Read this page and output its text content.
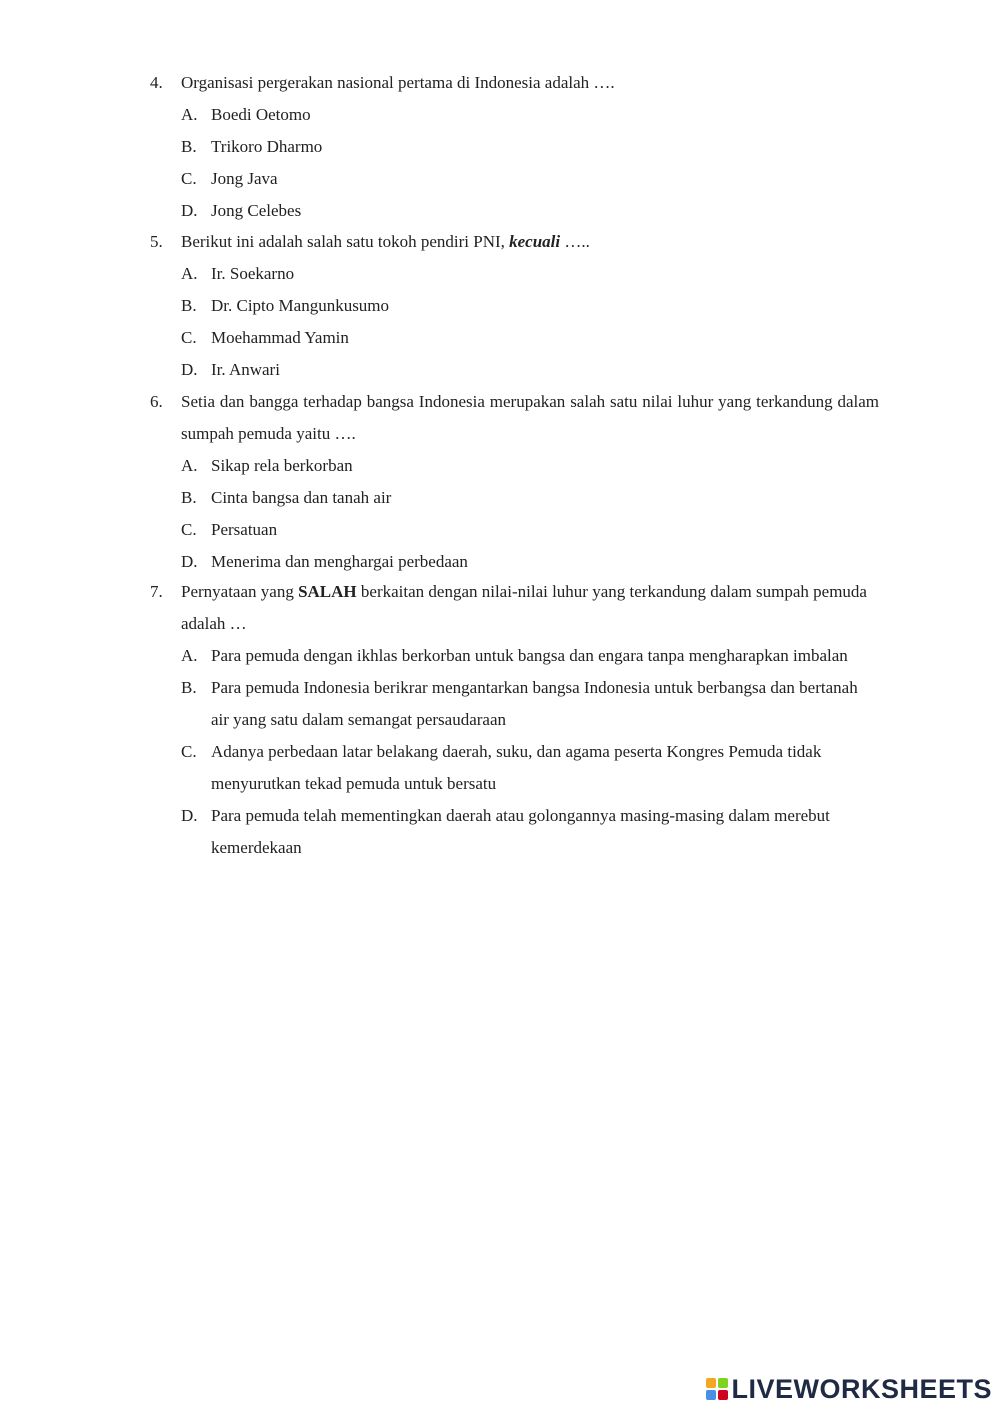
4.	Organisasi pergerakan nasional pertama di Indonesia adalah ….
A. Boedi Oetomo
B. Trikoro Dharmo
C. Jong Java
D. Jong Celebes
5.	Berikut ini adalah salah satu tokoh pendiri PNI, kecuali …..
A. Ir. Soekarno
B. Dr. Cipto Mangunkusumo
C. Moehammad Yamin
D. Ir. Anwari
6.	Setia dan bangga terhadap bangsa Indonesia merupakan salah satu nilai luhur yang terkandung dalam sumpah pemuda yaitu ….
A. Sikap rela berkorban
B. Cinta bangsa dan tanah air
C. Persatuan
D. Menerima dan menghargai perbedaan
7.	Pernyataan yang SALAH berkaitan dengan nilai-nilai luhur yang terkandung dalam sumpah pemuda adalah …
A. Para pemuda dengan ikhlas berkorban untuk bangsa dan engara tanpa mengharapkan imbalan
B. Para pemuda Indonesia berikrar mengantarkan bangsa Indonesia untuk berbangsa dan bertanah air yang satu dalam semangat persaudaraan
C. Adanya perbedaan latar belakang daerah, suku, dan agama peserta Kongres Pemuda tidak menyurutkan tekad pemuda untuk bersatu
D. Para pemuda telah mementingkan daerah atau golongannya masing-masing dalam merebut kemerdekaan
LIVEWORKSHEETS
